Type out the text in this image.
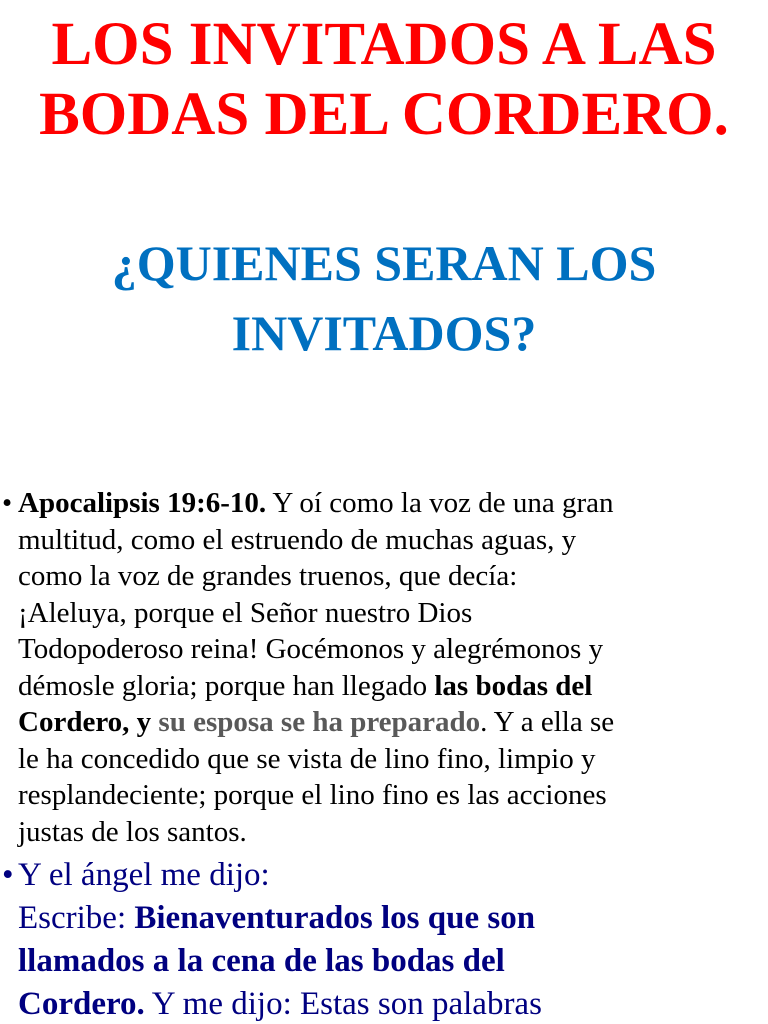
LOS INVITADOS A LAS
BODAS DEL CORDERO.
¿QUIENES SERAN LOS
INVITADOS?
• Apocalipsis 19:6-10. Y oí como la voz de una gran
multitud, como el estruendo de muchas aguas, y
como la voz de grandes truenos, que decía:
¡Aleluya, porque el Señor nuestro Dios
Todopoderoso reina! Gocémonos y alegrémonos y
démosle gloria; porque han llegado las bodas del
Cordero, y su esposa se ha preparado. Y a ella se
le ha concedido que se vista de lino fino, limpio y
resplandeciente; porque el lino fino es las acciones
justas de los santos.
• Y el ángel me dijo:
Escribe: Bienaventurados los que son
llamados a la cena de las bodas del
Cordero. Y me dijo: Estas son palabras
